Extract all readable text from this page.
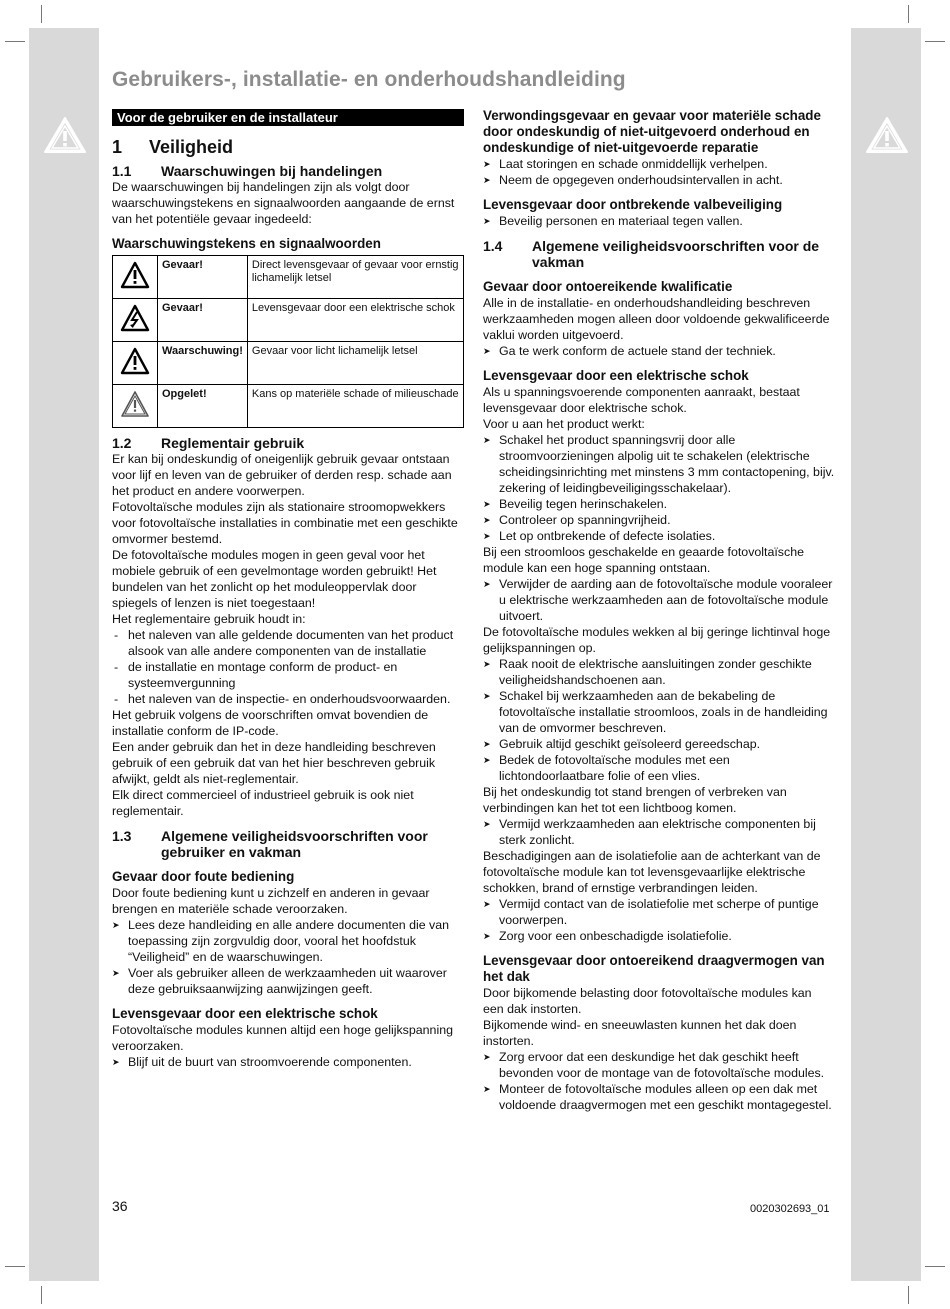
Gebruikers-, installatie- en onderhoudshandleiding
Voor de gebruiker en de installateur
1	Veiligheid
1.1	Waarschuwingen bij handelingen

De waarschuwingen bij handelingen zijn als volgt door waarschuwingstekens en signaalwoorden aangaande de ernst van het potentiële gevaar ingedeeld:

Waarschuwingstekens en signaalwoorden
	Gevaar!	Direct levensgevaar of gevaar voor ernstig lichamelijk letsel
	Gevaar!	Levensgevaar door een elektrische schok
	Waarschuwing!	Gevaar voor licht lichamelijk letsel
	Opgelet!	Kans op materiële schade of milieuschade
1.2	Reglementair gebruik

Er kan bij ondeskundig of oneigenlijk gebruik gevaar ontstaan voor lijf en leven van de gebruiker of derden resp. schade aan het product en andere voorwerpen.

Fotovoltaïsche modules zijn als stationaire stroomopwekkers voor fotovoltaïsche installaties in combinatie met een geschikte omvormer bestemd.

De fotovoltaïsche modules mogen in geen geval voor het mobiele gebruik of een gevelmontage worden gebruikt! Het bundelen van het zonlicht op het moduleoppervlak door spiegels of lenzen is niet toegestaan!

Het reglementaire gebruik houdt in:

- het naleven van alle geldende documenten van het product alsook van alle andere componenten van de installatie
- de installatie en montage conform de product- en systeemvergunning
- het naleven van de inspectie- en onderhoudsvoorwaarden.

Het gebruik volgens de voorschriften omvat bovendien de installatie conform de IP-code.

Een ander gebruik dan het in deze handleiding beschreven gebruik of een gebruik dat van het hier beschreven gebruik afwijkt, geldt als niet-reglementair.

Elk direct commercieel of industrieel gebruik is ook niet reglementair.

1.3	Algemene veiligheidsvoorschriften voor gebruiker en vakman
Gevaar door foute bediening

Door foute bediening kunt u zichzelf en anderen in gevaar brengen en materiële schade veroorzaken.

➤ Lees deze handleiding en alle andere documenten die van toepassing zijn zorgvuldig door, vooral het hoofdstuk “Veiligheid” en de waarschuwingen.
➤ Voer als gebruiker alleen de werkzaamheden uit waarover deze gebruiksaanwijzing aanwijzingen geeft.
Levensgevaar door een elektrische schok

Fotovoltaïsche modules kunnen altijd een hoge gelijkspanning veroorzaken.

➤ Blijf uit de buurt van stroomvoerende componenten.
Verwondingsgevaar en gevaar voor materiële schade door ondeskundig of niet-uitgevoerd onderhoud en ondeskundige of niet-uitgevoerde reparatie
➤ Laat storingen en schade onmiddellijk verhelpen.
➤ Neem de opgegeven onderhoudsintervallen in acht.
Levensgevaar door ontbrekende valbeveiliging
➤ Beveilig personen en materiaal tegen vallen.
1.4	Algemene veiligheidsvoorschriften voor de vakman
Gevaar door ontoereikende kwalificatie

Alle in de installatie- en onderhoudshandleiding beschreven werkzaamheden mogen alleen door voldoende gekwalificeerde vaklui worden uitgevoerd.

➤ Ga te werk conform de actuele stand der techniek.
Levensgevaar door een elektrische schok

Als u spanningsvoerende componenten aanraakt, bestaat levensgevaar door elektrische schok.

Voor u aan het product werkt:

➤ Schakel het product spanningsvrij door alle stroomvoorzieningen alpolig uit te schakelen (elektrische scheidingsinrichting met minstens 3 mm contactopening, bijv. zekering of leidingbeveiligingsschakelaar).
➤ Beveilig tegen herinschakelen.
➤ Controleer op spanningvrijheid.
➤ Let op ontbrekende of defecte isolaties.

Bij een stroomloos geschakelde en geaarde fotovoltaïsche module kan een hoge spanning ontstaan.

➤ Verwijder de aarding aan de fotovoltaïsche module vooraleer u elektrische werkzaamheden aan de fotovoltaïsche module uitvoert.

De fotovoltaïsche modules wekken al bij geringe lichtinval hoge gelijkspanningen op.

➤ Raak nooit de elektrische aansluitingen zonder geschikte veiligheidshandschoenen aan.
➤ Schakel bij werkzaamheden aan de bekabeling de fotovoltaïsche installatie stroomloos, zoals in de handleiding van de omvormer beschreven.
➤ Gebruik altijd geschikt geïsoleerd gereedschap.
➤ Bedek de fotovoltaïsche modules met een lichtondoorlaatbare folie of een vlies.

Bij het ondeskundig tot stand brengen of verbreken van verbindingen kan het tot een lichtboog komen.

➤ Vermijd werkzaamheden aan elektrische componenten bij sterk zonlicht.

Beschadigingen aan de isolatiefolie aan de achterkant van de fotovoltaïsche module kan tot levensgevaarlijke elektrische schokken, brand of ernstige verbrandingen leiden.

➤ Vermijd contact van de isolatiefolie met scherpe of puntige voorwerpen.
➤ Zorg voor een onbeschadigde isolatiefolie.
Levensgevaar door ontoereikend draagvermogen van het dak

Door bijkomende belasting door fotovoltaïsche modules kan een dak instorten.

Bijkomende wind- en sneeuwlasten kunnen het dak doen instorten.

➤ Zorg ervoor dat een deskundige het dak geschikt heeft bevonden voor de montage van de fotovoltaïsche modules.
➤ Monteer de fotovoltaïsche modules alleen op een dak met voldoende draagvermogen met een geschikt montagegestel.
36	0020302693_01
